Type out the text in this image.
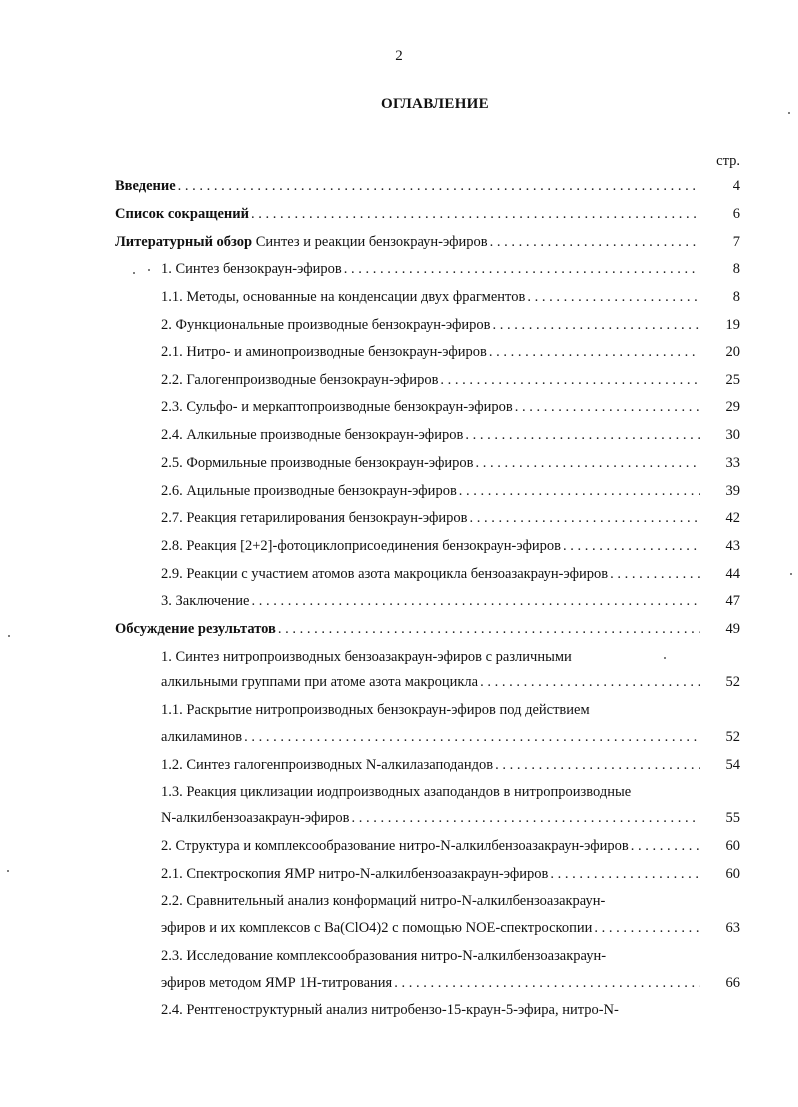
2
ОГЛАВЛЕНИЕ
стр.
Введение . . .	4
Список сокращений . . .	6
Литературный обзор Синтез и реакции бензокраун-эфиров . . .	7
1. Синтез бензокраун-эфиров . . .	8
1.1. Методы, основанные на конденсации двух фрагментов . . .	8
2. Функциональные производные бензокраун-эфиров . . .	19
2.1. Нитро- и аминопроизводные бензокраун-эфиров . . .	20
2.2. Галогенпроизводные бензокраун-эфиров . . .	25
2.3. Сульфо- и меркаптопроизводные бензокраун-эфиров . . .	29
2.4. Алкильные производные бензокраун-эфиров . . .	30
2.5. Формильные производные бензокраун-эфиров . . .	33
2.6. Ацильные производные бензокраун-эфиров . . .	39
2.7. Реакция гетарилирования бензокраун-эфиров . . .	42
2.8. Реакция [2+2]-фотоциклоприсоединения бензокраун-эфиров . . .	43
2.9. Реакции с участием атомов азота макроцикла бензоазакраун-эфиров . . .	44
3. Заключение . . .	47
Обсуждение результатов . . .	49
1. Синтез нитропроизводных бензоазакраун-эфиров с различными
алкильными группами при атоме азота макроцикла . . .	52
1.1. Раскрытие нитропроизводных бензокраун-эфиров под действием
алкиламинов . . .	52
1.2. Синтез галогенпроизводных N-алкилазаподандов . . .	54
1.3. Реакция циклизации иодпроизводных азаподандов в нитропроизводные
N-алкилбензоазакраун-эфиров . . .	55
2. Структура и комплексообразование нитро-N-алкилбензоазакраун-эфиров . . .	60
2.1. Спектроскопия ЯМР нитро-N-алкилбензоазакраун-эфиров . . .	60
2.2. Сравнительный анализ конформаций нитро-N-алкилбензоазакраун-
эфиров и их комплексов с Ba(ClO4)2 с помощью NOE-спектроскопии . . .	63
2.3. Исследование комплексообразования нитро-N-алкилбензоазакраун-
эфиров методом ЯМР 1H-титрования . . .	66
2.4. Рентгеноструктурный анализ нитробензо-15-краун-5-эфира, нитро-N-
